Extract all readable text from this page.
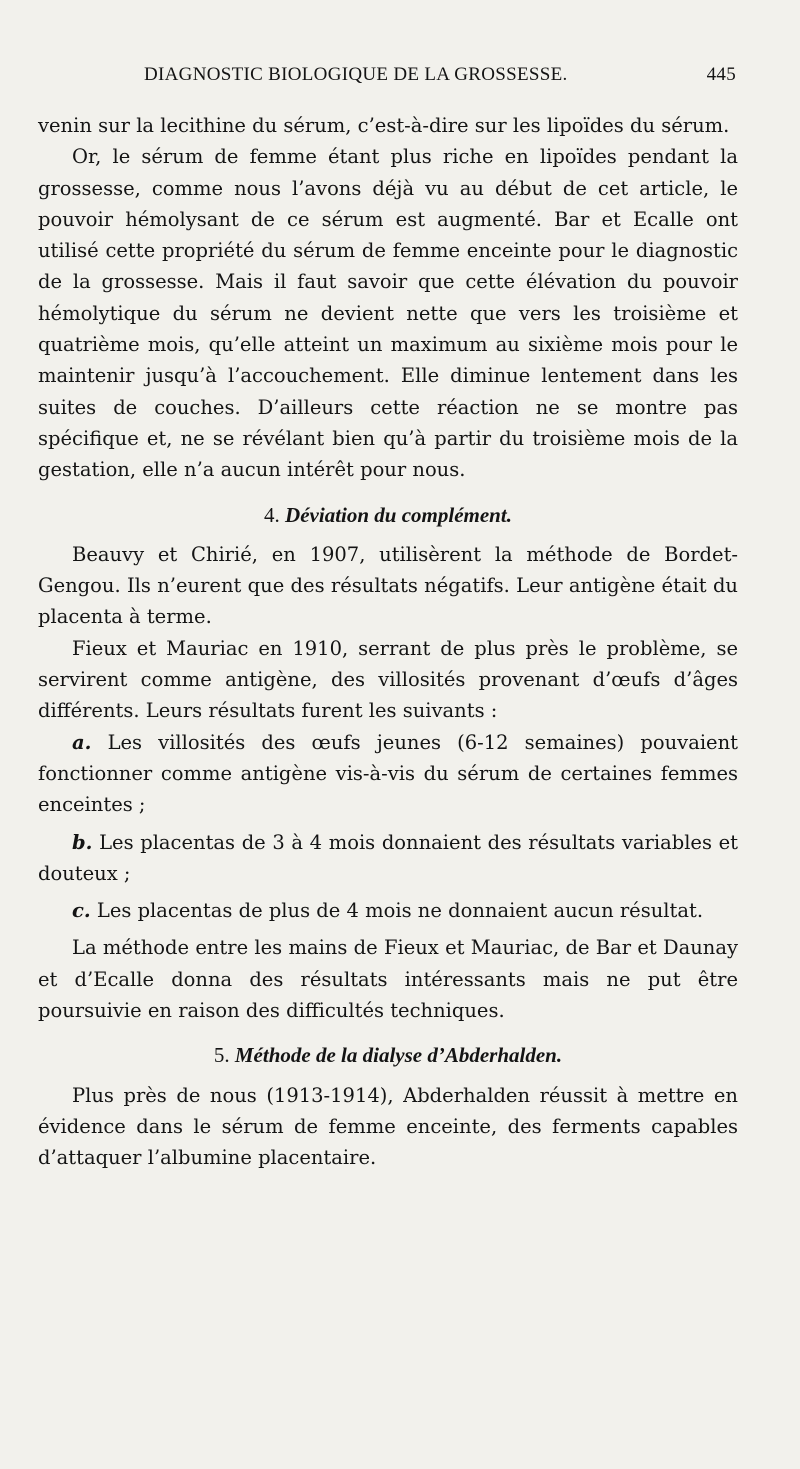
DIAGNOSTIC BIOLOGIQUE DE LA GROSSESSE.	445

venin sur la lecithine du sérum, c’est-à-dire sur les lipoïdes du sérum.

Or, le sérum de femme étant plus riche en lipoïdes pendant la grossesse, comme nous l’avons déjà vu au début de cet article, le pouvoir hémolysant de ce sérum est augmenté. Bar et Ecalle ont utilisé cette propriété du sérum de femme enceinte pour le diagnostic de la grossesse. Mais il faut savoir que cette élévation du pouvoir hémolytique du sérum ne devient nette que vers les troisième et quatrième mois, qu’elle atteint un maximum au sixième mois pour le maintenir jusqu’à l’accouchement. Elle diminue lentement dans les suites de couches. D’ailleurs cette réaction ne se montre pas spécifique et, ne se révélant bien qu’à partir du troisième mois de la gestation, elle n’a aucun intérêt pour nous.

4. Déviation du complément.

Beauvy et Chirié, en 1907, utilisèrent la méthode de Bordet-Gengou. Ils n’eurent que des résultats négatifs. Leur antigène était du placenta à terme.

Fieux et Mauriac en 1910, serrant de plus près le problème, se servirent comme antigène, des villosités provenant d’œufs d’âges différents. Leurs résultats furent les suivants :

a. Les villosités des œufs jeunes (6-12 semaines) pouvaient fonctionner comme antigène vis-à-vis du sérum de certaines femmes enceintes ;

b. Les placentas de 3 à 4 mois donnaient des résultats variables et douteux ;

c. Les placentas de plus de 4 mois ne donnaient aucun résultat.

La méthode entre les mains de Fieux et Mauriac, de Bar et Daunay et d’Ecalle donna des résultats intéressants mais ne put être poursuivie en raison des difficultés techniques.

5. Méthode de la dialyse d’Abderhalden.

Plus près de nous (1913-1914), Abderhalden réussit à mettre en évidence dans le sérum de femme enceinte, des ferments capables d’attaquer l’albumine placentaire.
